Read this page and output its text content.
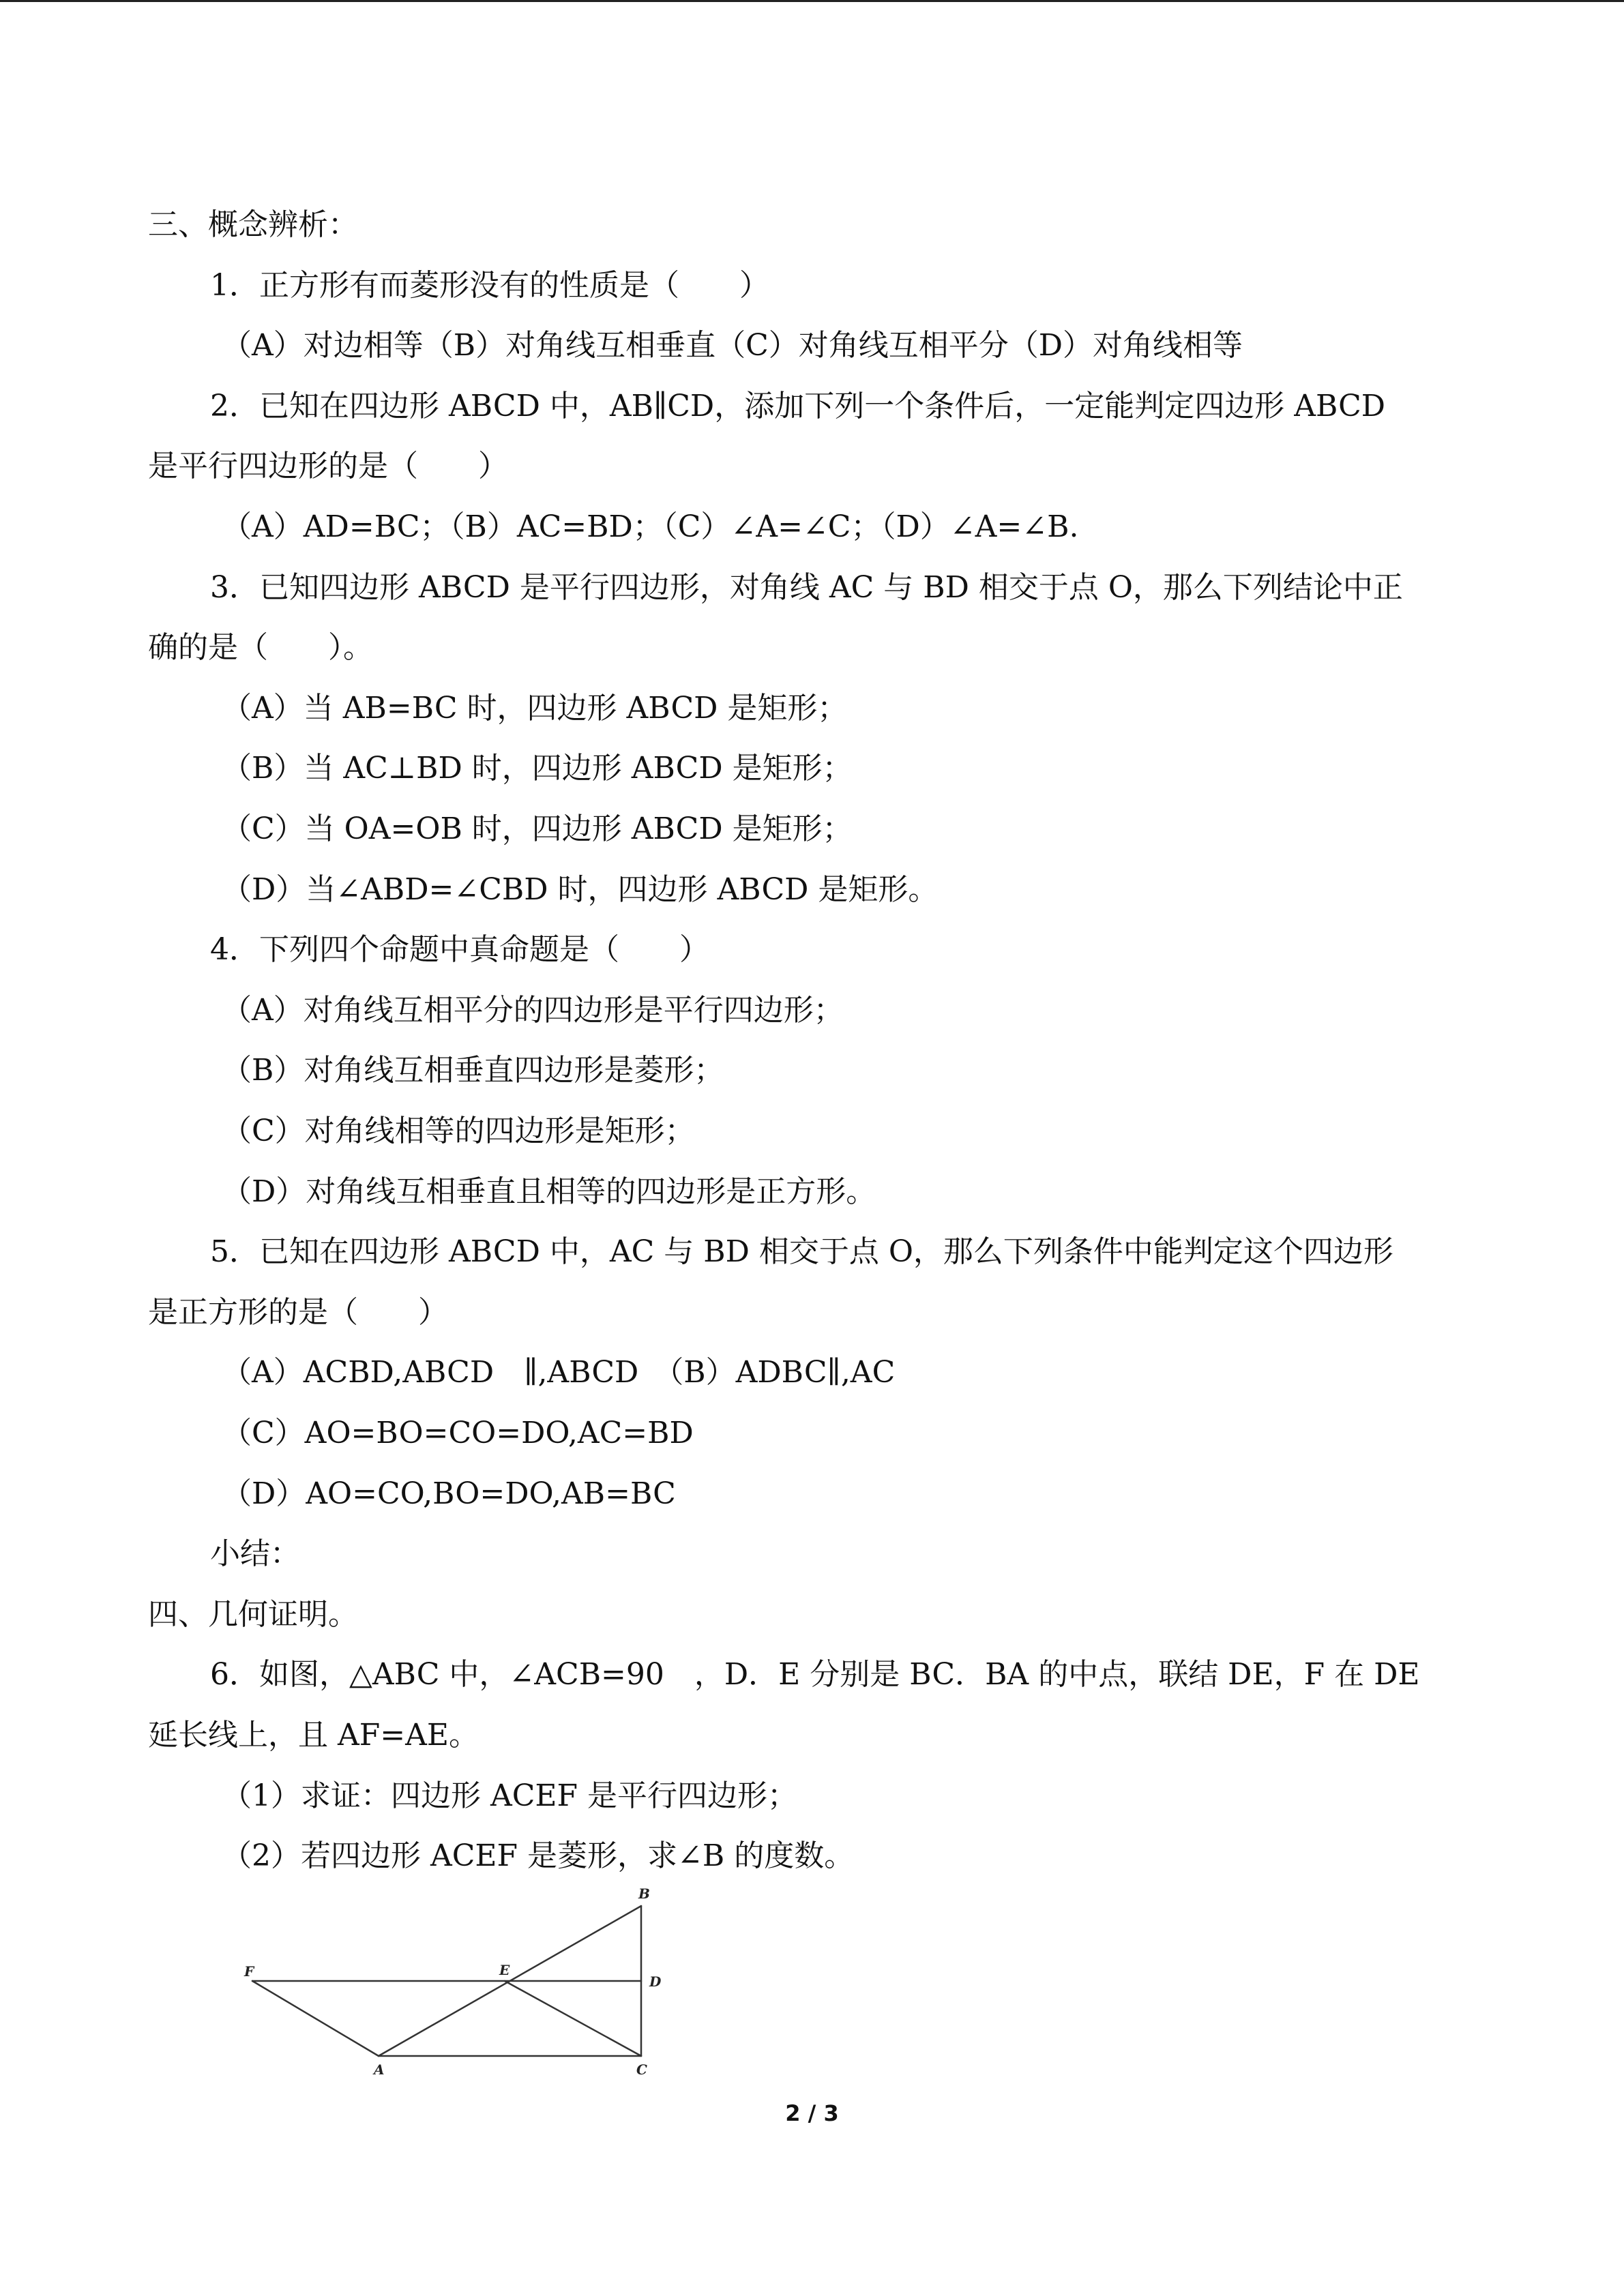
三、概念辨析：
1．正方形有而菱形没有的性质是（　　）
（A）对边相等（B）对角线互相垂直（C）对角线互相平分（D）对角线相等
2．已知在四边形 ABCD 中，AB∥CD，添加下列一个条件后，一定能判定四边形 ABCD
是平行四边形的是（　　）
（A）AD=BC；（B）AC=BD；（C）∠A=∠C；（D）∠A=∠B.
3．已知四边形 ABCD 是平行四边形，对角线 AC 与 BD 相交于点 O，那么下列结论中正
确的是（　　）。
（A）当 AB=BC 时，四边形 ABCD 是矩形；
（B）当 AC⊥BD 时，四边形 ABCD 是矩形；
（C）当 OA=OB 时，四边形 ABCD 是矩形；
（D）当∠ABD=∠CBD 时，四边形 ABCD 是矩形。
4．下列四个命题中真命题是（　　）
（A）对角线互相平分的四边形是平行四边形；
（B）对角线互相垂直四边形是菱形；
（C）对角线相等的四边形是矩形；
（D）对角线互相垂直且相等的四边形是正方形。
5．已知在四边形 ABCD 中，AC 与 BD 相交于点 O，那么下列条件中能判定这个四边形
是正方形的是（　　）
（A）ACBD,ABCD　∥,ABCD　（B）ADBC∥,AC
（C）AO=BO=CO=DO,AC=BD
（D）AO=CO,BO=DO,AB=BC
小结：
四、几何证明。
6．如图，△ABC 中，∠ACB=90　，D．E 分别是 BC．BA 的中点，联结 DE，F 在 DE
延长线上，且 AF=AE。
（1）求证：四边形 ACEF 是平行四边形；
（2）若四边形 ACEF 是菱形，求∠B 的度数。
B
F	E
D
A	C
2 / 3
